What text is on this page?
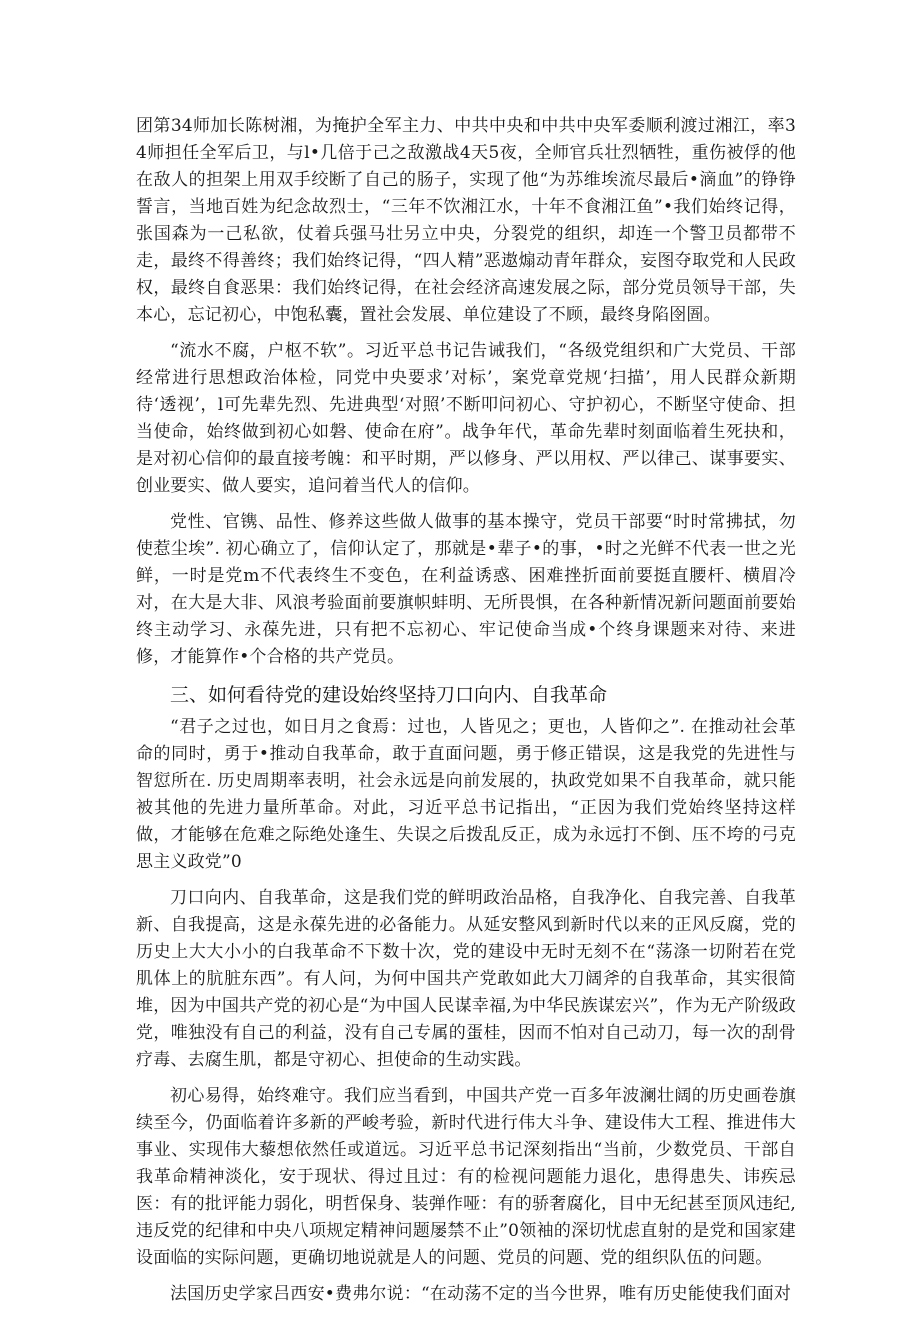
团第34师加长陈树湘，为掩护全军主力、中共中央和中共中央军委顺利渡过湘江，率34师担任全军后卫，与l•几倍于己之敌激战4天5夜，全师官兵壮烈牺牲，重伤被俘的他在敌人的担架上用双手绞断了自己的肠子，实现了他“为苏维埃流尽最后•滴血”的铮铮誓言，当地百姓为纪念故烈士，“三年不饮湘江水，十年不食湘江鱼”•我们始终记得，张国森为一己私欲，仗着兵强马壮另立中央，分裂党的组织，却连一个警卫员都带不走，最终不得善终；我们始终记得，“四人精”恶遨煽动青年群众，妄图夺取党和人民政权，最终自食恶果：我们始终记得，在社会经济高速发展之际，部分党员领导干部，失本心，忘记初心，中饱私囊，置社会发展、单位建设了不顾，最终身陷囹圄。

“流水不腐，户枢不软”。习近平总书记告诫我们，“各级党组织和广大党员、干部经常进行思想政治体检，同党中央要求’对标’，案党章党规‘扫描’，用人民群众新期待‘透视’，l可先辈先烈、先进典型‘对照’不断叩问初心、守护初心，不断坚守使命、担当使命，始终做到初心如磐、使命在府”。战争年代，革命先辈时刻面临着生死抉和，是对初心信仰的最直接考魄：和平时期，严以修身、严以用权、严以律己、谋事要实、创业要实、做人要实，追问着当代人的信仰。

党性、官镌、品性、修养这些做人做事的基本操守，党员干部要“时时常拂拭，勿使惹尘埃”. 初心确立了，信仰认定了，那就是•辈子•的事，•时之光鲜不代表一世之光鲜，一时是党m不代表终生不变色，在利益诱惑、困难挫折面前要挺直腰杆、横眉冷对，在大是大非、风浪考验面前要旗帜蚌明、无所畏惧，在各种新情况新问题面前要始终主动学习、永葆先进，只有把不忘初心、牢记使命当成•个终身课题来对待、来进修，才能算作•个合格的共产党员。

三、如何看待党的建设始终坚持刀口向内、自我革命

“君子之过也，如日月之食焉：过也，人皆见之；更也，人皆仰之”. 在推动社会革命的同时，勇于•推动自我革命，敢于直面问题，勇于修正错误，这是我党的先进性与智愆所在. 历史周期率表明，社会永远是向前发展的，执政党如果不自我革命，就只能被其他的先进力量所革命。对此，习近平总书记指出，“正因为我们党始终坚持这样做，才能够在危难之际绝处逢生、失误之后拨乱反正，成为永远打不倒、压不垮的弓克思主义政党”0

刀口向内、自我革命，这是我们党的鲜明政治品格，自我净化、自我完善、自我革新、自我提高，这是永葆先进的必备能力。从延安整风到新时代以来的正风反腐，党的历史上大大小小的白我革命不下数十次，党的建设中无时无刻不在“荡涤一切附若在党肌体上的肮脏东西”。有人问，为何中国共产党敢如此大刀阔斧的自我革命，其实很简堆，因为中国共产党的初心是“为中国人民谋幸福,为中华民族谋宏兴”，作为无产阶级政党，唯独没有自己的利益，没有自己专属的蛋桂，因而不怕对自己动刀，每一次的刮骨疗毒、去腐生肌，都是守初心、担使命的生动实践。

初心易得，始终难守。我们应当看到，中国共产党一百多年波澜壮阔的历史画卷旗续至今，仍面临着许多新的严峻考验，新时代进行伟大斗争、建设伟大工程、推进伟大事业、实现伟大藜想依然任或道远。习近平总书记深刻指出“当前，少数党员、干部自我革命精神淡化，安于现状、得过且过：有的检视问题能力退化，患得患失、讳疾忌医：有的批评能力弱化，明哲保身、装弹作哑：有的骄奢腐化，目中无纪甚至顶风违纪,违反党的纪律和中央八项规定精神问题屡禁不止”0领袖的深切忧虑直射的是党和国家建设面临的实际问题，更确切地说就是人的问题、党员的问题、党的组织队伍的问题。

法国历史学家吕西安•费弗尔说：“在动荡不定的当今世界，唯有历史能使我们面对
